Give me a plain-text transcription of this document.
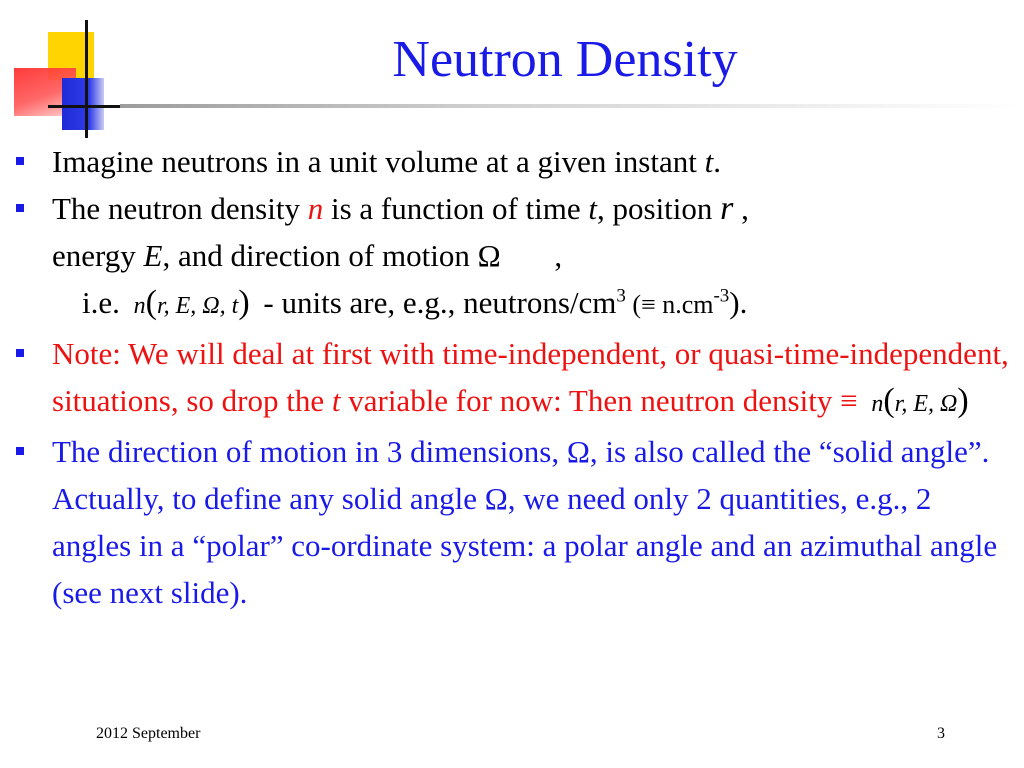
Neutron Density
Imagine neutrons in a unit volume at a given instant t.
The neutron density n is a function of time t, position r ,
energy E, and direction of motion Ω ,
i.e. n(r, E, Ω, t) - units are, e.g., neutrons/$cm^3$ (≡ $n.cm^{-3}$).
Note: We will deal at first with time-independent, or quasi-time-independent, situations, so drop the t variable for now: Then neutron density ≡ n(r, E, Ω)
The direction of motion in 3 dimensions, Ω, is also called the “solid angle”. Actually, to define any solid angle Ω, we need only 2 quantities, e.g., 2 angles in a “polar” co-ordinate system: a polar angle and an azimuthal angle (see next slide).
2012 September	3
